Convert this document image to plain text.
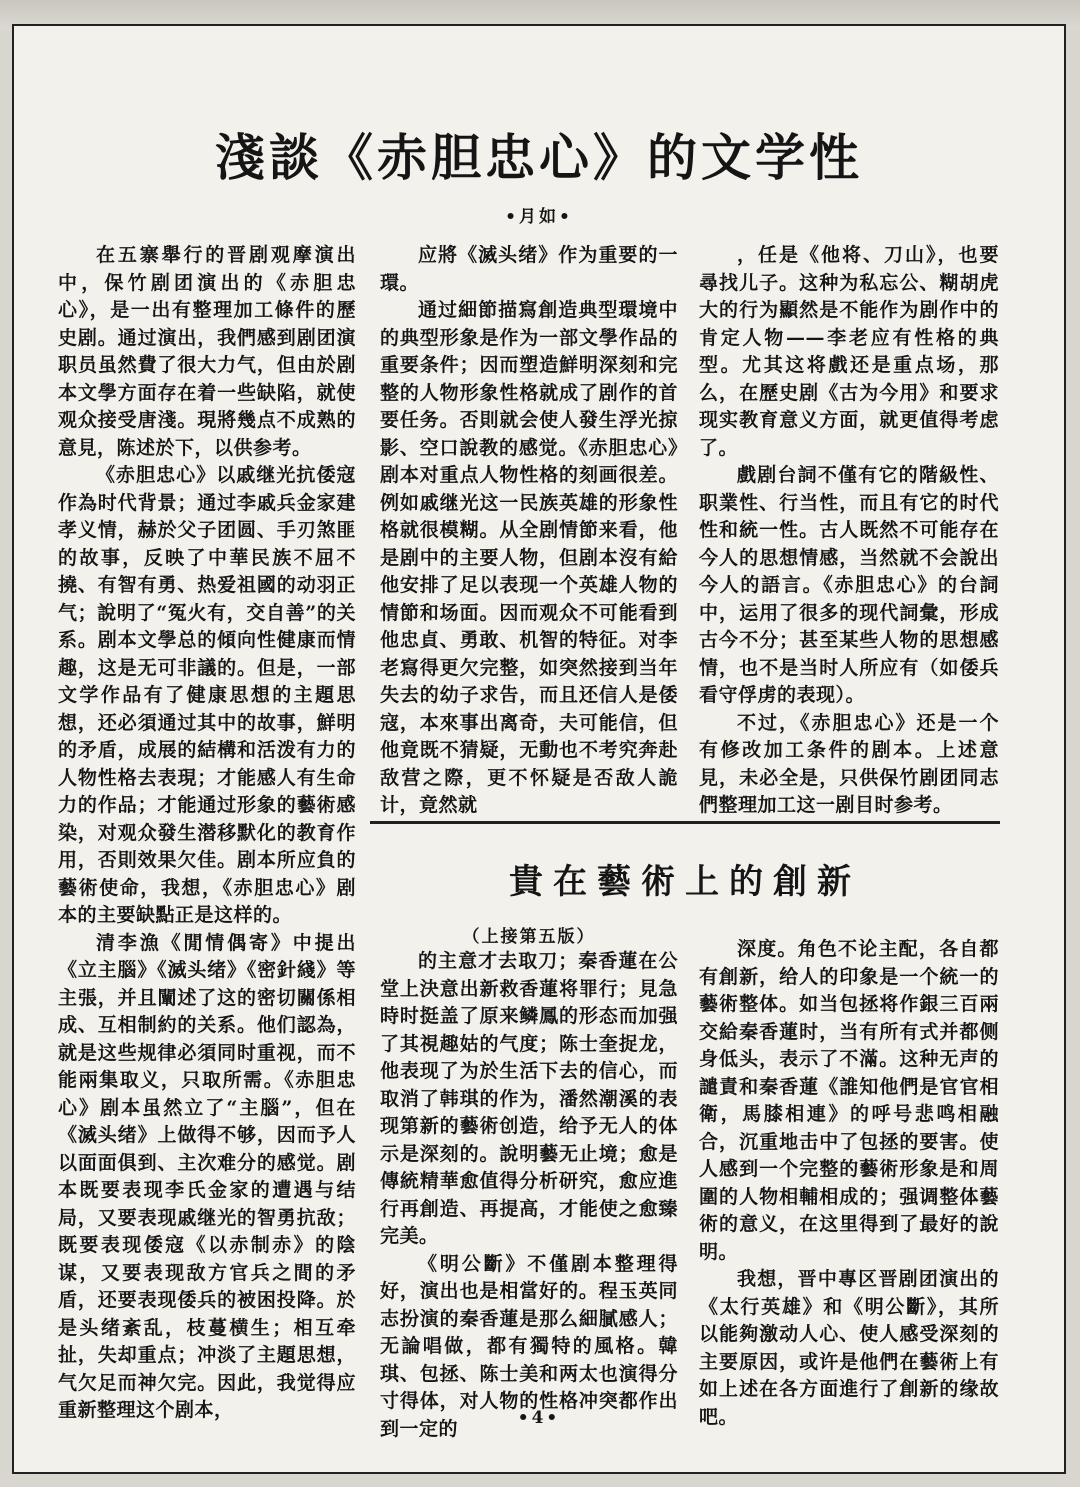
淺談《赤胆忠心》的文学性
•月如•

在五寨舉行的晋剧观摩演出中，保竹剧团演出的《赤胆忠心》，是一出有整理加工條件的歷史剧。通过演出，我們感到剧团演职员虽然費了很大力气，但由於剧本文學方面存在着一些缺陷，就使观众接受唐淺。現將幾点不成熟的意見，陈述於下，以供参考。

《赤胆忠心》以戚继光抗倭寇作為时代背景；通过李戚兵金家建孝义情，赫於父子团圆、手刃煞匪的故事，反映了中華民族不屈不撓、有智有勇、热爱祖國的动羽正气；說明了“冤火有，交自善”的关系。剧本文學总的傾向性健康而情趣，这是无可非議的。但是，一部文学作品有了健康思想的主題思想，还必須通过其中的故事，鮮明的矛盾，成展的結構和活泼有力的人物性格去表現；才能感人有生命力的作品；才能通过形象的藝術感染，对观众發生潜移默化的教育作用，否則效果欠佳。剧本所应負的藝術使命，我想，《赤胆忠心》剧本的主要缺點正是这样的。

清李漁《閒情偶寄》中提出《立主腦》《滅头绪》《密針綫》等主張，并且闡述了这的密切關係相成、互相制約的关系。他们認為，就是这些规律必須同时重视，而不能兩集取义，只取所需。《赤胆忠心》剧本虽然立了“主腦”，但在《滅头绪》上做得不够，因而予人以面面俱到、主次难分的感觉。剧本既要表现李氏金家的遭遇与结局，又要表现戚继光的智勇抗敌；既要表现倭寇《以赤制赤》的陰谋，又要表现敌方官兵之間的矛盾，还要表现倭兵的被困投降。於是头绪紊乱，枝蔓横生；相互牵扯，失却重点；冲淡了主題思想，气欠足而神欠完。因此，我觉得应重新整理这个剧本，

应將《滅头绪》作为重要的一環。

通过細節描寫創造典型環境中的典型形象是作为一部文學作品的重要条件；因而塑造鮮明深刻和完整的人物形象性格就成了剧作的首要任务。否則就会使人發生浮光掠影、空口說教的感觉。《赤胆忠心》剧本对重点人物性格的刻画很差。例如戚继光这一民族英雄的形象性格就很模糊。从全剧情節来看，他是剧中的主要人物，但剧本沒有給他安排了足以表现一个英雄人物的情節和场面。因而观众不可能看到他忠貞、勇敢、机智的特征。对李老寫得更欠完整，如突然接到当年失去的幼子求告，而且还信人是倭寇，本來事出离奇，夫可能信，但他竟既不猜疑，无動也不考究奔赴敌营之際，更不怀疑是否敌人詭计，竟然就

，任是《他将、刀山》，也要尋找儿子。这种为私忘公、糊胡虎大的行为顯然是不能作为剧作中的肯定人物——李老应有性格的典型。尤其这将戲还是重点场，那么，在歷史剧《古为今用》和要求现实教育意义方面，就更值得考虑了。

戲剧台詞不僅有它的階級性、职業性、行当性，而且有它的时代性和統一性。古人既然不可能存在今人的思想情感，当然就不会說出今人的語言。《赤胆忠心》的台詞中，运用了很多的现代詞彙，形成古今不分；甚至某些人物的思想感情，也不是当时人所应有（如倭兵看守俘虏的表现）。

不过，《赤胆忠心》还是一个有修改加工条件的剧本。上述意見，未必全是，只供保竹剧团同志們整理加工这一剧目时参考。

貴在藝術上的創新
（上接第五版）

的主意才去取刀；秦香蓮在公堂上決意出新救香蓮将罪行；見急時时挺盖了原来鳞鳳的形态而加强了其視趣姑的气度；陈士奎捉龙，他表现了为於生活下去的信心，而取消了韩琪的作为，潘然潮溪的表现第新的藝術创造，给予无人的体示是深刻的。說明藝无止境；愈是傳統精華愈值得分析研究，愈应進行再創造、再提高，才能使之愈臻完美。

《明公斷》不僅剧本整理得好，演出也是相當好的。程玉英同志扮演的秦香蓮是那么細膩感人；无論唱做，都有獨特的風格。韓琪、包拯、陈士美和两太也演得分寸得体，对人物的性格冲突都作出到一定的

深度。角色不论主配，各自都有創新，给人的印象是一个統一的藝術整体。如当包拯将作銀三百兩交給秦香蓮时，当有所有式并都侧身低头，表示了不滿。这种无声的譴責和秦香蓮《誰知他們是官官相衛，馬膝相連》的呼号悲鸣相融合，沉重地击中了包拯的要害。使人感到一个完整的藝術形象是和周圍的人物相輔相成的；强调整体藝術的意义，在这里得到了最好的說明。

我想，晋中專区晋剧团演出的《太行英雄》和《明公斷》，其所以能夠激动人心、使人感受深刻的主要原因，或许是他們在藝術上有如上述在各方面進行了創新的缘故吧。

•4•
